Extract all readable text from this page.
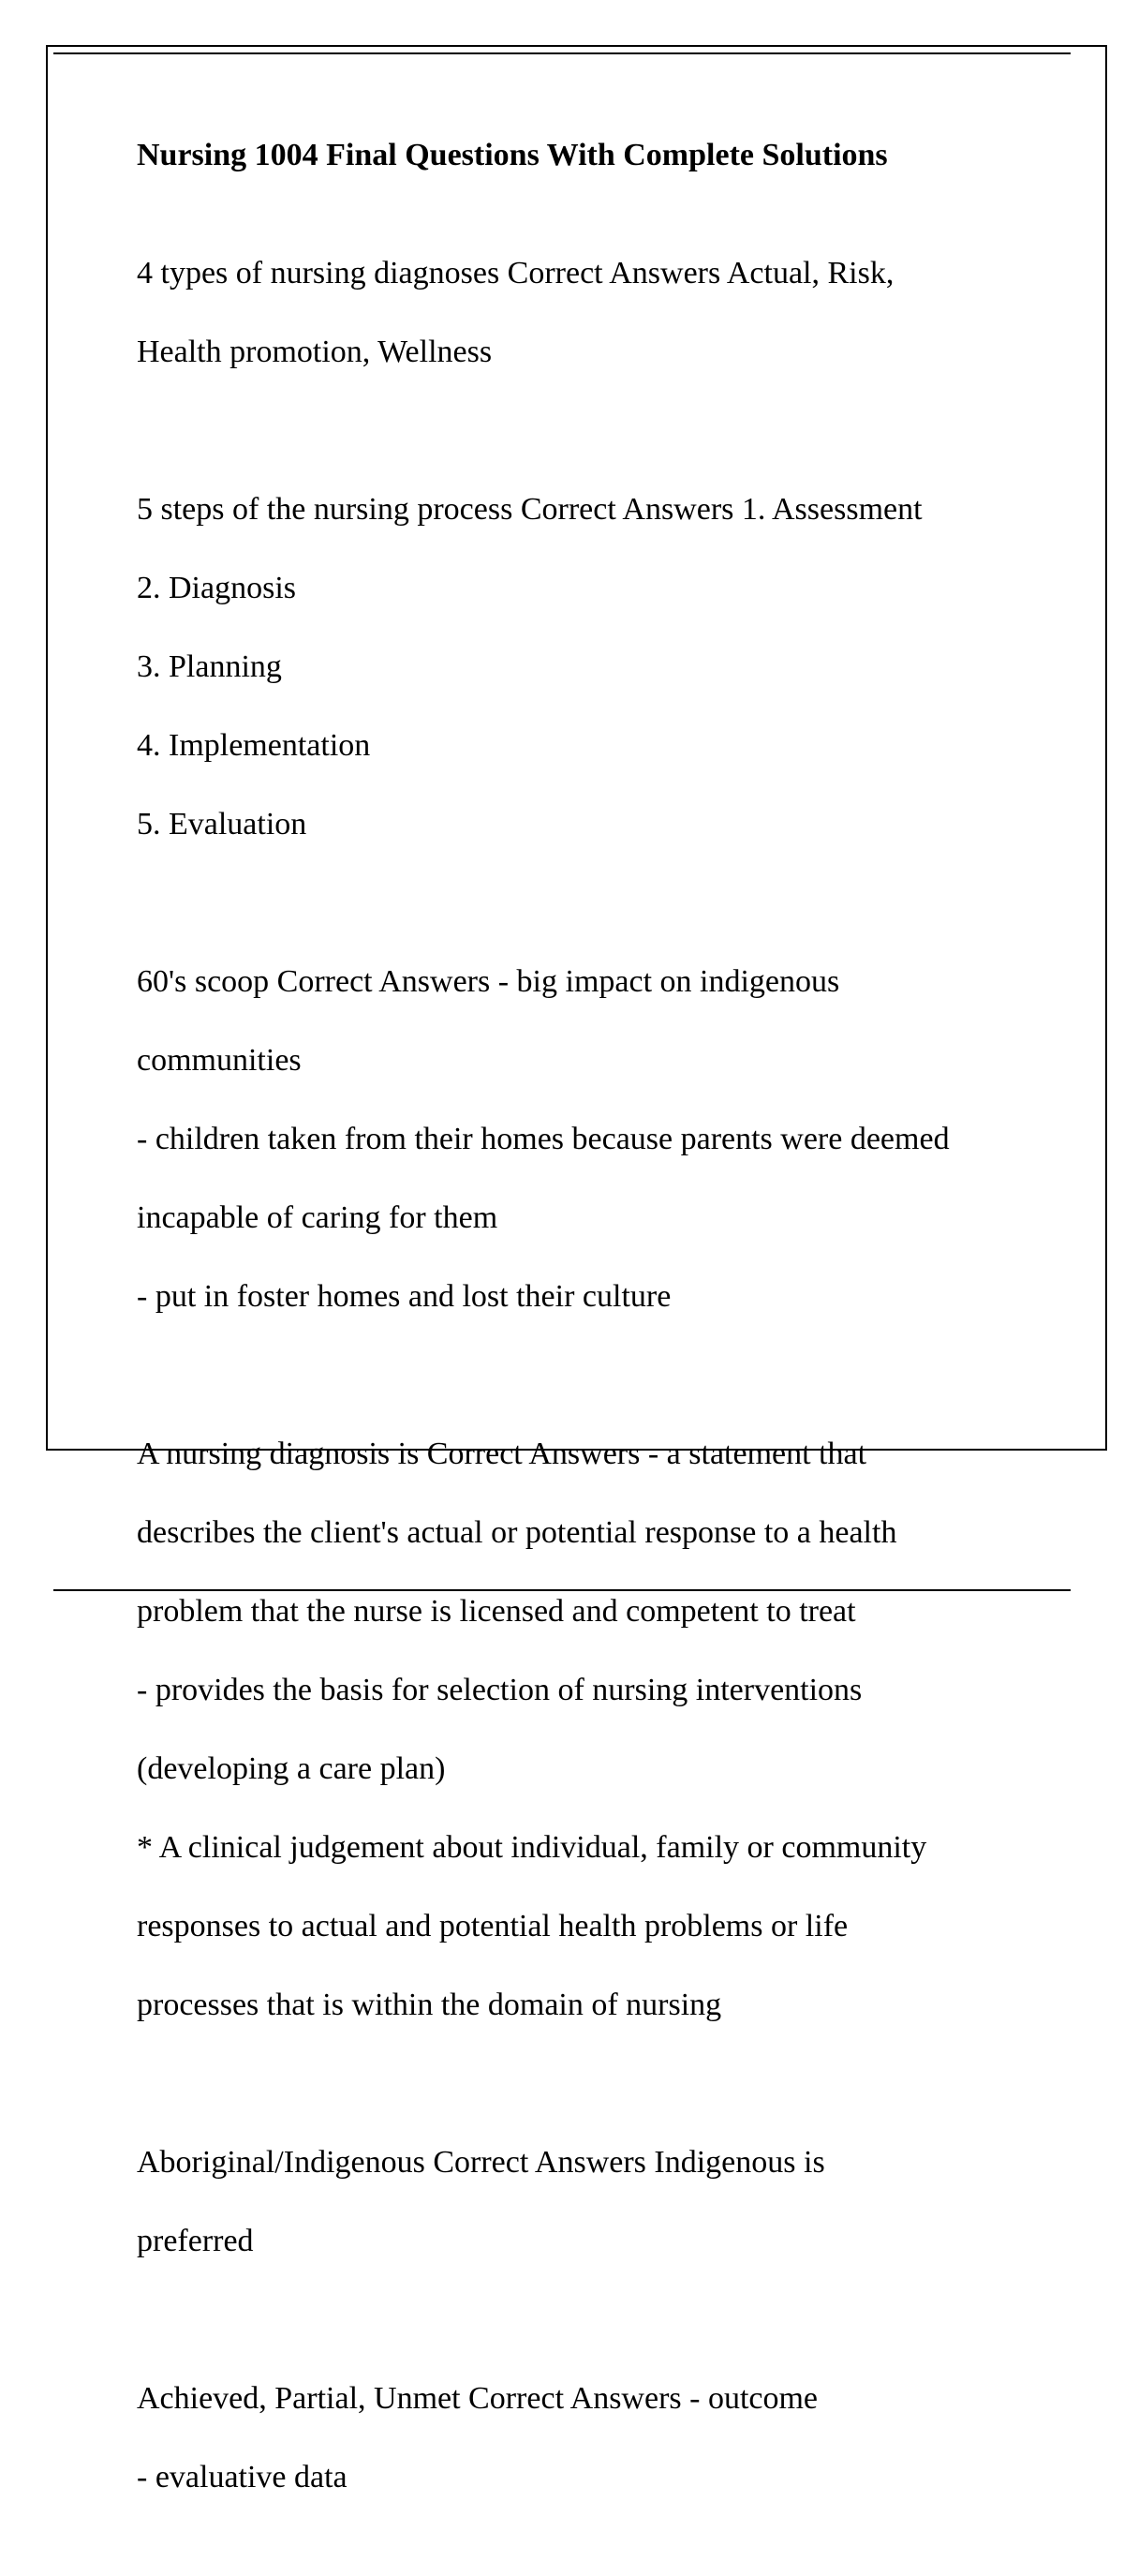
Nursing 1004 Final Questions With Complete Solutions

4 types of nursing diagnoses Correct Answers Actual, Risk,

Health promotion, Wellness

5 steps of the nursing process Correct Answers 1. Assessment

2. Diagnosis

3. Planning

4. Implementation

5. Evaluation

60's scoop Correct Answers - big impact on indigenous

communities

- children taken from their homes because parents were deemed

incapable of caring for them

- put in foster homes and lost their culture

A nursing diagnosis is Correct Answers - a statement that

describes the client's actual or potential response to a health

problem that the nurse is licensed and competent to treat

- provides the basis for selection of nursing interventions

(developing a care plan)

* A clinical judgement about individual, family or community

responses to actual and potential health problems or life

processes that is within the domain of nursing

Aboriginal/Indigenous Correct Answers Indigenous is

preferred

Achieved, Partial, Unmet Correct Answers - outcome

- evaluative data
